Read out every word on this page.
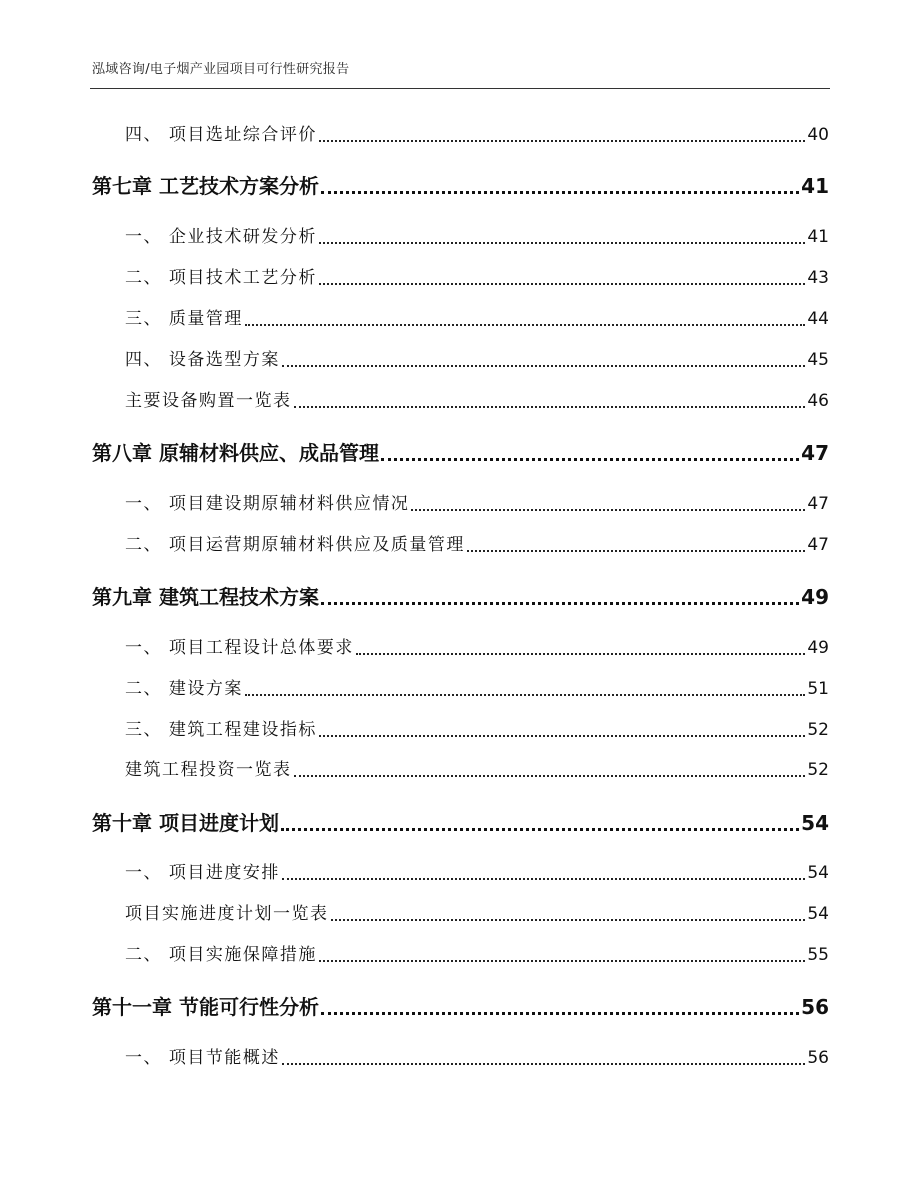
泓域咨询/电子烟产业园项目可行性研究报告
四、 项目选址综合评价	40
第七章 工艺技术方案分析	41
一、 企业技术研发分析	41
二、 项目技术工艺分析	43
三、 质量管理	44
四、 设备选型方案	45
主要设备购置一览表	46
第八章 原辅材料供应、成品管理	47
一、 项目建设期原辅材料供应情况	47
二、 项目运营期原辅材料供应及质量管理	47
第九章 建筑工程技术方案	49
一、 项目工程设计总体要求	49
二、 建设方案	51
三、 建筑工程建设指标	52
建筑工程投资一览表	52
第十章 项目进度计划	54
一、 项目进度安排	54
项目实施进度计划一览表	54
二、 项目实施保障措施	55
第十一章 节能可行性分析	56
一、 项目节能概述	56
